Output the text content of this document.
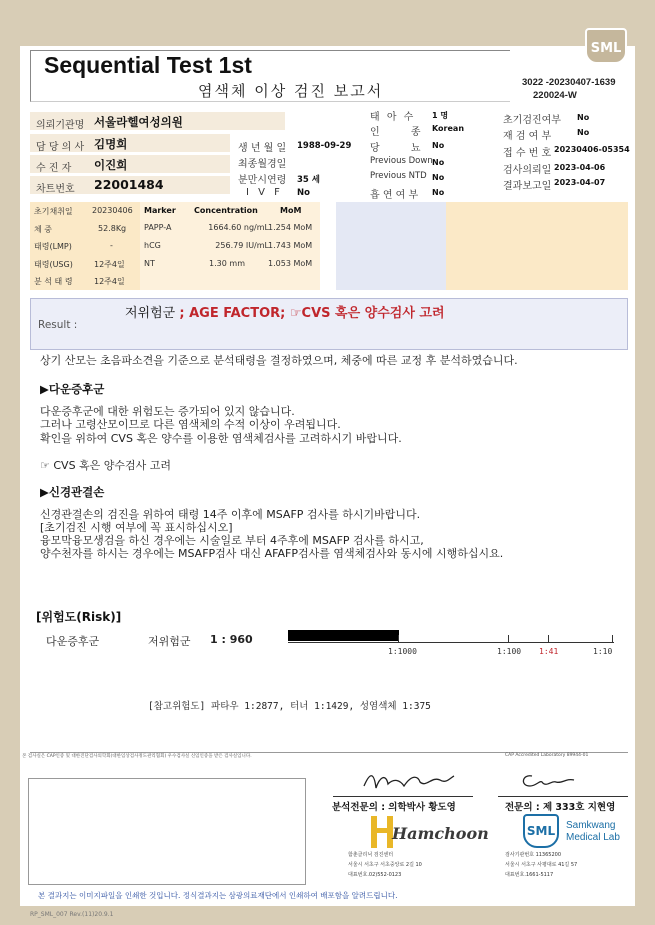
SML
Sequential Test 1st
염색체 이상 검진 보고서	3022 -20230407-1639
220024-W
의뢰기관명 서울라헬여성의원
담 당 의 사 김명희
수 진 자 이진희
차트번호 22001484
생 년 월 일 1988-09-29
최종월경일
분만시연령 35 세
I V F No
태 아 수 1 명
인 종
Korean
당 뇨
No
Previous Down No
Previous NTD No
흡 연 여 부 No
초기검진여부 No
재 검 여 부	No
접 수 번 호 20230406-05354
검사의뢰일 2023-04-06
결과보고일 2023-04-07
초기채취일 20230406
체 중	52.8Kg
태령(LMP)	-
태령(USG)	12주4일
분 석 태 령	12주4일
Marker Concentration	MoM
PAPP-A	1664.60 ng/mL 1.254 MoM
hCG	256.79 IU/mL 1.743 MoM
NT	1.30 mm	1.053 MoM
Result :
저위험군 ; AGE FACTOR; ☞CVS 혹은 양수검사 고려
상기 산모는 초음파소견을 기준으로 분석태령을 결정하였으며, 체중에 따른 교정 후 분석하였습니다.
▶다운증후군
다운증후군에 대한 위험도는 증가되어 있지 않습니다.
그러나 고령산모이므로 다른 염색체의 수적 이상이 우려됩니다.
확인을 위하여 CVS 혹은 양수를 이용한 염색체검사를 고려하시기 바랍니다.
☞ CVS 혹은 양수검사 고려
▶신경관결손
신경관결손의 검진을 위하여 태령 14주 이후에 MSAFP 검사를 하시기바랍니다.
[초기검진 시행 여부에 꼭 표시하십시오]
융모막융모생검을 하신 경우에는 시술일로 부터 4주후에 MSAFP 검사를 하시고,
양수천자를 하시는 경우에는 MSAFP검사 대신 AFAFP검사를 염색체검사와 동시에 시행하십시요.
[위험도(Risk)]
다운증후군	저위험군 1 : 960
1:1000	1:100 1:41	1:10
[참고위험도] 파타우 1:2877, 터너 1:1429, 성염색체 1:375
본 검사실은 CAP인증 및 대한진단검사의학회(대한임상검사정도관리협회) 우수검사실 신임인증을 받은 검사실입니다.	CAP Accredited Laboratory 89944-01
분석전문의 : 의학박사 황도영	전문의 : 제 333호 지현영
Hamchoon
함춘클리닉 검진센터
서울시 서초구 서초중앙로 2길 10
대표번호.02)552-0123
SML Samkwang
Medical Lab
검사기관번호 11365200
서울시 서초구 사평대로 41길 57
대표번호.1661-5117
본 결과지는 이미지파일을 인쇄한 것입니다. 정식결과지는 삼광의료재단에서 인쇄하여 배포함을 알려드립니다.
RP_SML_007 Rev.(11)20.9.1
